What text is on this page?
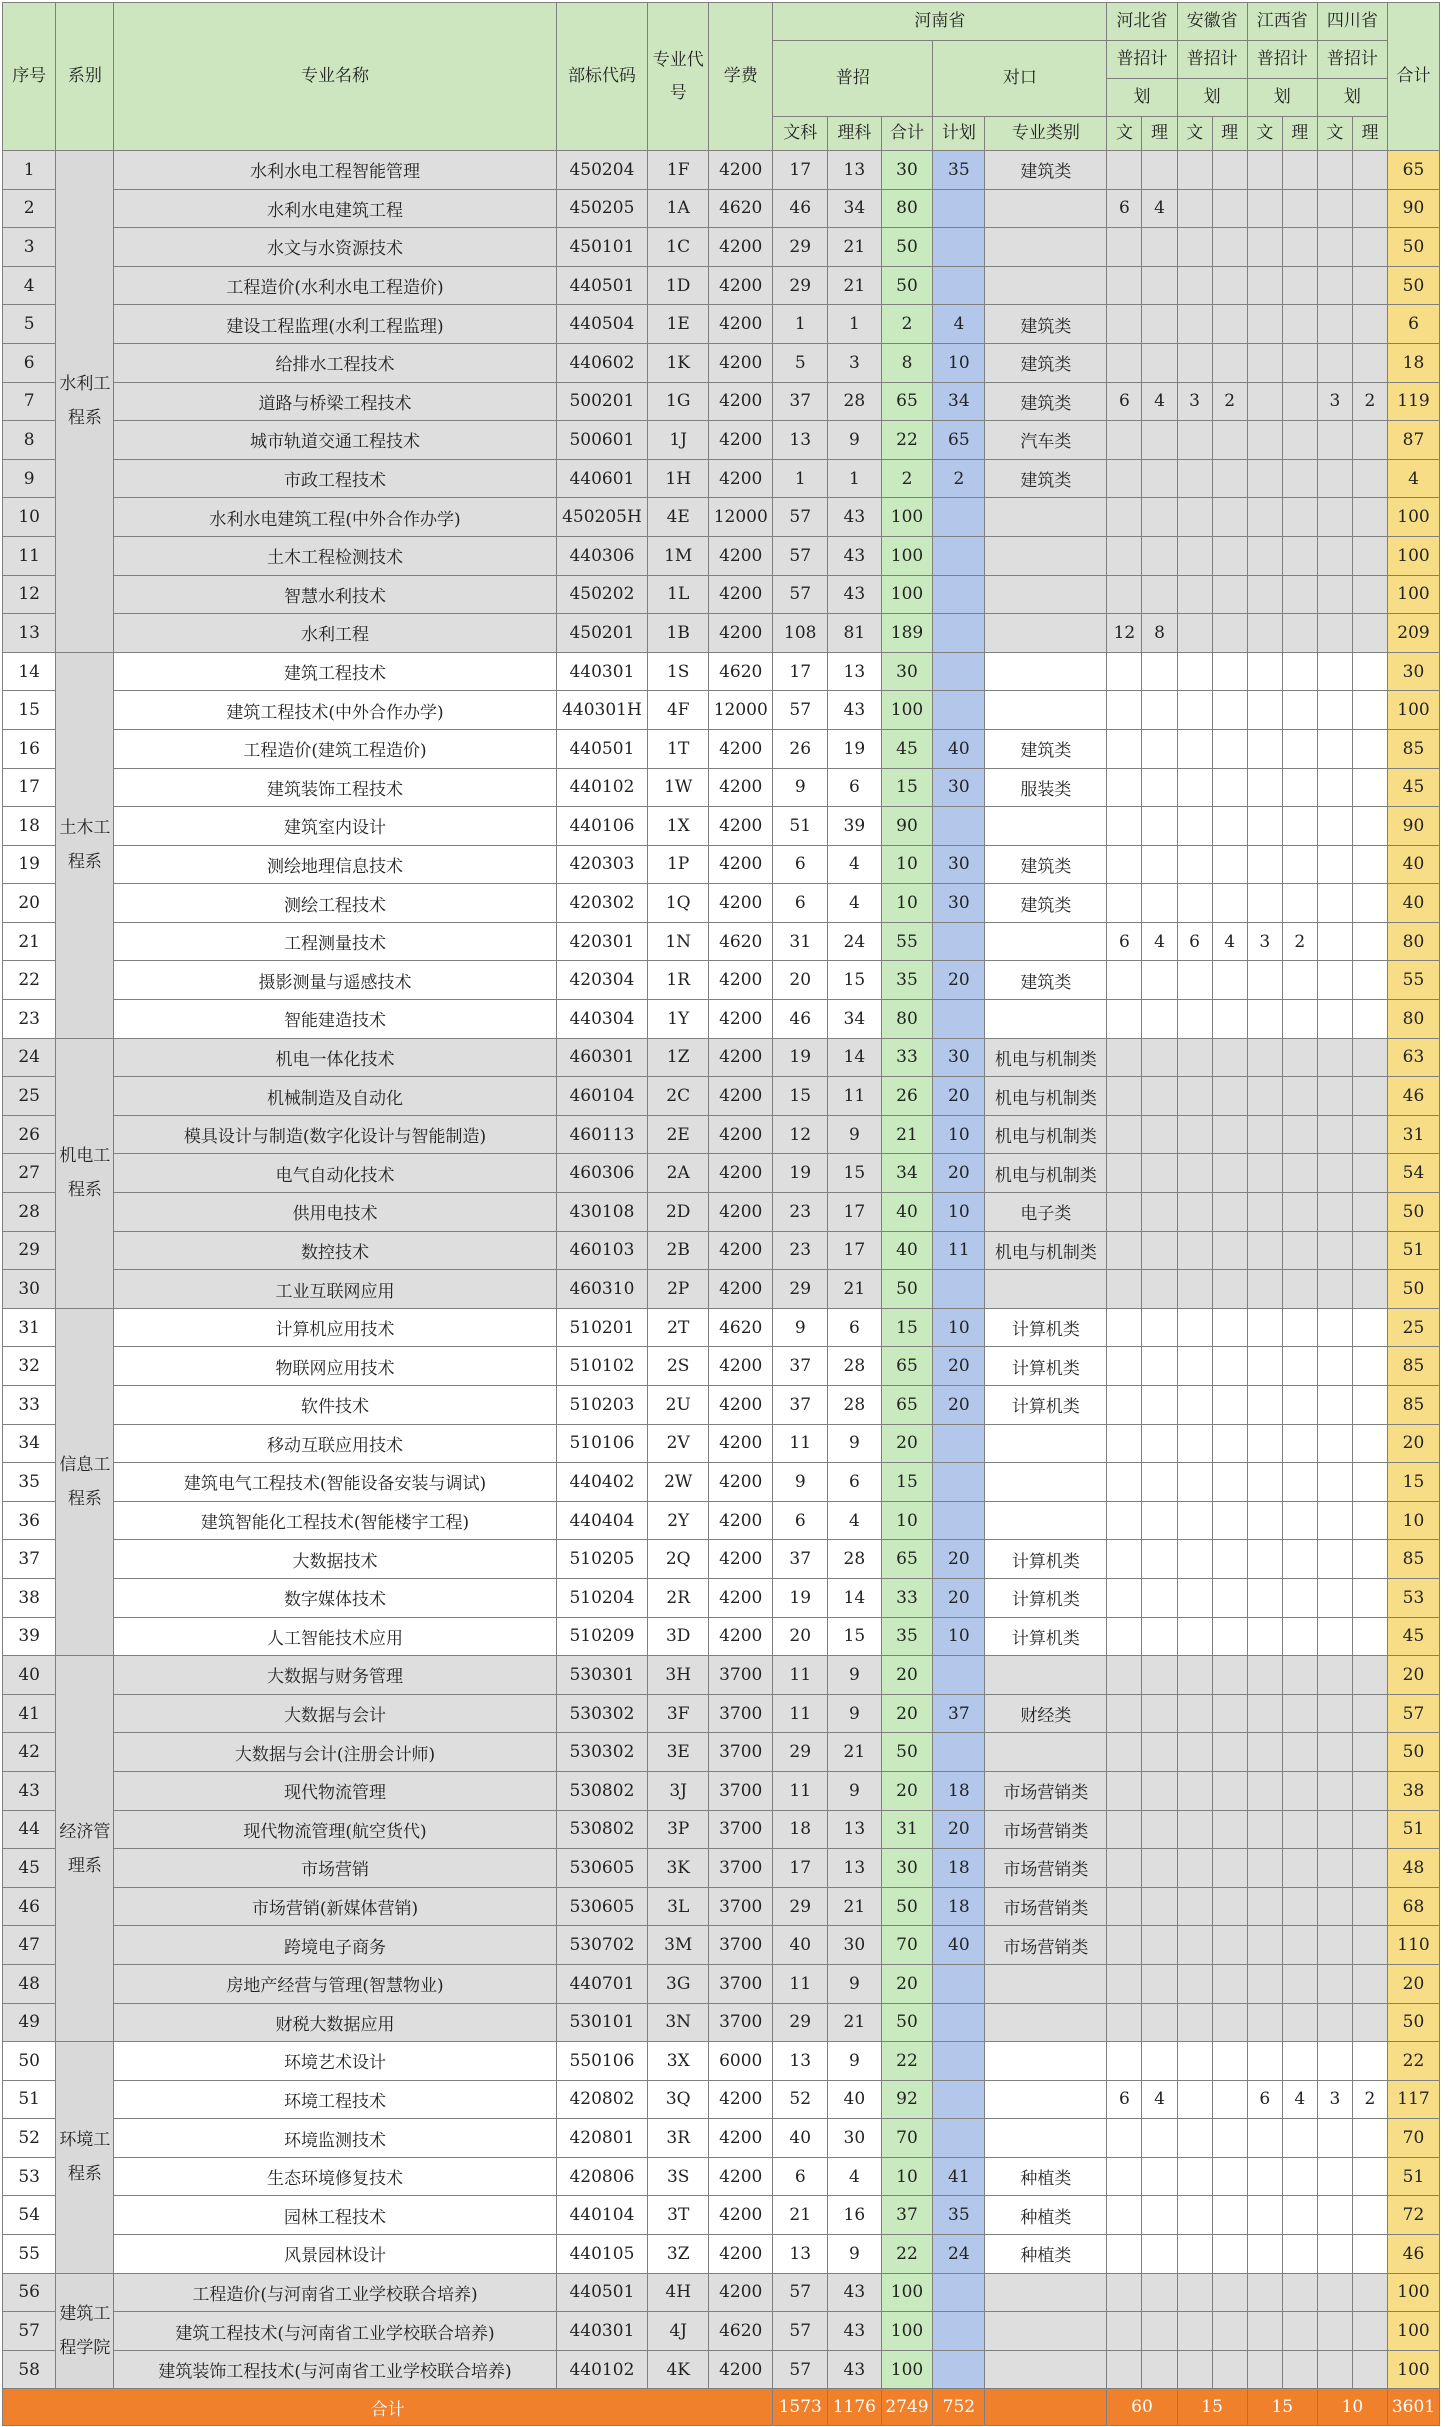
序号	系别	专业名称	部标代码	专业代号	学费	河南省					河北省		安徽省		江西省		四川省		合计
						普招			对口		普招计		普招计		普招计		普招计		
											划		划		划		划		
						文科	理科	合计	计划	专业类别	文	理	文	理	文	理	文	理	
1	水利工程系	水利水电工程智能管理	450204	1F	4200	17	13	30	35	建筑类									65
2		水利水电建筑工程	450205	1A	4620	46	34	80			6	4							90
3		水文与水资源技术	450101	1C	4200	29	21	50											50
4		工程造价(水利水电工程造价)	440501	1D	4200	29	21	50											50
5		建设工程监理(水利工程监理)	440504	1E	4200	1	1	2	4	建筑类									6
6		给排水工程技术	440602	1K	4200	5	3	8	10	建筑类									18
7		道路与桥梁工程技术	500201	1G	4200	37	28	65	34	建筑类	6	4	3	2			3	2	119
8		城市轨道交通工程技术	500601	1J	4200	13	9	22	65	汽车类									87
9		市政工程技术	440601	1H	4200	1	1	2	2	建筑类									4
10		水利水电建筑工程(中外合作办学)	450205H	4E	12000	57	43	100											100
11		土木工程检测技术	440306	1M	4200	57	43	100											100
12		智慧水利技术	450202	1L	4200	57	43	100											100
13		水利工程	450201	1B	4200	108	81	189			12	8							209
14	土木工程系	建筑工程技术	440301	1S	4620	17	13	30											30
15		建筑工程技术(中外合作办学)	440301H	4F	12000	57	43	100											100
16		工程造价(建筑工程造价)	440501	1T	4200	26	19	45	40	建筑类									85
17		建筑装饰工程技术	440102	1W	4200	9	6	15	30	服装类									45
18		建筑室内设计	440106	1X	4200	51	39	90											90
19		测绘地理信息技术	420303	1P	4200	6	4	10	30	建筑类									40
20		测绘工程技术	420302	1Q	4200	6	4	10	30	建筑类									40
21		工程测量技术	420301	1N	4620	31	24	55			6	4	6	4	3	2			80
22		摄影测量与遥感技术	420304	1R	4200	20	15	35	20	建筑类									55
23		智能建造技术	440304	1Y	4200	46	34	80											80
24	机电工程系	机电一体化技术	460301	1Z	4200	19	14	33	30	机电与机制类									63
25		机械制造及自动化	460104	2C	4200	15	11	26	20	机电与机制类									46
26		模具设计与制造(数字化设计与智能制造)	460113	2E	4200	12	9	21	10	机电与机制类									31
27		电气自动化技术	460306	2A	4200	19	15	34	20	机电与机制类									54
28		供用电技术	430108	2D	4200	23	17	40	10	电子类									50
29		数控技术	460103	2B	4200	23	17	40	11	机电与机制类									51
30		工业互联网应用	460310	2P	4200	29	21	50											50
31	信息工程系	计算机应用技术	510201	2T	4620	9	6	15	10	计算机类									25
32		物联网应用技术	510102	2S	4200	37	28	65	20	计算机类									85
33		软件技术	510203	2U	4200	37	28	65	20	计算机类									85
34		移动互联应用技术	510106	2V	4200	11	9	20											20
35		建筑电气工程技术(智能设备安装与调试)	440402	2W	4200	9	6	15											15
36		建筑智能化工程技术(智能楼宇工程)	440404	2Y	4200	6	4	10											10
37		大数据技术	510205	2Q	4200	37	28	65	20	计算机类									85
38		数字媒体技术	510204	2R	4200	19	14	33	20	计算机类									53
39		人工智能技术应用	510209	3D	4200	20	15	35	10	计算机类									45
40	经济管理系	大数据与财务管理	530301	3H	3700	11	9	20											20
41		大数据与会计	530302	3F	3700	11	9	20	37	财经类									57
42		大数据与会计(注册会计师)	530302	3E	3700	29	21	50											50
43		现代物流管理	530802	3J	3700	11	9	20	18	市场营销类									38
44		现代物流管理(航空货代)	530802	3P	3700	18	13	31	20	市场营销类									51
45		市场营销	530605	3K	3700	17	13	30	18	市场营销类									48
46		市场营销(新媒体营销)	530605	3L	3700	29	21	50	18	市场营销类									68
47		跨境电子商务	530702	3M	3700	40	30	70	40	市场营销类									110
48		房地产经营与管理(智慧物业)	440701	3G	3700	11	9	20											20
49		财税大数据应用	530101	3N	3700	29	21	50											50
50	环境工程系	环境艺术设计	550106	3X	6000	13	9	22											22
51		环境工程技术	420802	3Q	4200	52	40	92			6	4			6	4	3	2	117
52		环境监测技术	420801	3R	4200	40	30	70											70
53		生态环境修复技术	420806	3S	4200	6	4	10	41	种植类									51
54		园林工程技术	440104	3T	4200	21	16	37	35	种植类									72
55		风景园林设计	440105	3Z	4200	13	9	22	24	种植类									46
56	建筑工程学院	工程造价(与河南省工业学校联合培养)	440501	4H	4200	57	43	100											100
57		建筑工程技术(与河南省工业学校联合培养)	440301	4J	4620	57	43	100											100
58		建筑装饰工程技术(与河南省工业学校联合培养)	440102	4K	4200	57	43	100											100
合计						1573	1176	2749	752		60		15		15		10		3601
